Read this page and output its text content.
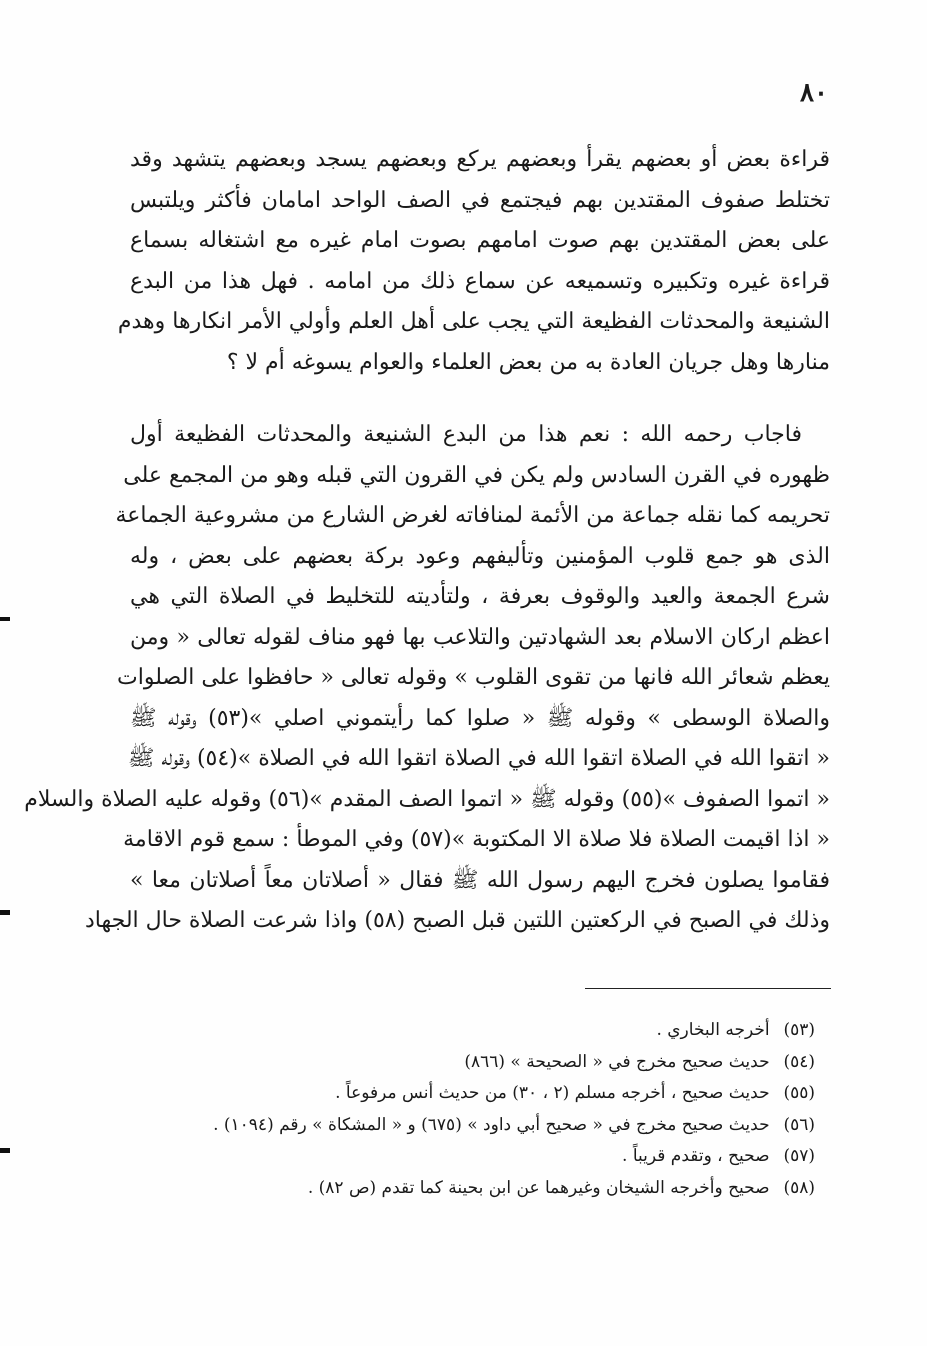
٨٠
قراءة بعض أو بعضهم يقرأ وبعضهم يركع وبعضهم يسجد وبعضهم يتشهد وقد
تختلط صفوف المقتدين بهم فيجتمع في الصف الواحد امامان فأكثر ويلتبس
على بعض المقتدين بهم صوت امامهم بصوت امام غيره مع اشتغاله بسماع
قراءة غيره وتكبيره وتسميعه عن سماع ذلك من امامه . فهل هذا من البدع
الشنيعة والمحدثات الفظيعة التي يجب على أهل العلم وأولي الأمر انكارها وهدم
منارها وهل جريان العادة به من بعض العلماء والعوام يسوغه أم لا ؟
فاجاب رحمه الله : نعم هذا من البدع الشنيعة والمحدثات الفظيعة أول
ظهوره في القرن السادس ولم يكن في القرون التي قبله وهو من المجمع على
تحريمه كما نقله جماعة من الأئمة لمنافاته لغرض الشارع من مشروعية الجماعة
الذى هو جمع قلوب المؤمنين وتأليفهم وعود بركة بعضهم على بعض ، وله
شرع الجمعة والعيد والوقوف بعرفة ، ولتأديته للتخليط في الصلاة التي هي
اعظم اركان الاسلام بعد الشهادتين والتلاعب بها فهو مناف لقوله تعالى « ومن
يعظم شعائر الله فانها من تقوى القلوب » وقوله تعالى « حافظوا على الصلوات
والصلاة الوسطى » وقوله ﷺ « صلوا كما رأيتموني اصلي »(٥٣) وقوله ﷺ
« اتقوا الله في الصلاة اتقوا الله في الصلاة اتقوا الله في الصلاة »(٥٤) وقوله ﷺ
« اتموا الصفوف »(٥٥) وقوله ﷺ « اتموا الصف المقدم »(٥٦) وقوله عليه الصلاة والسلام
« اذا اقيمت الصلاة فلا صلاة الا المكتوبة »(٥٧) وفي الموطأ : سمع قوم الاقامة
فقاموا يصلون فخرج اليهم رسول الله ﷺ فقال « أصلاتان معاً أصلاتان معا »
وذلك في الصبح في الركعتين اللتين قبل الصبح (٥٨) واذا شرعت الصلاة حال الجهاد
(٥٣) أخرجه البخاري .
(٥٤) حديث صحيح مخرج في « الصحيحة » (٨٦٦)
(٥٥) حديث صحيح ، أخرجه مسلم (٢ ، ٣٠) من حديث أنس مرفوعاً .
(٥٦) حديث صحيح مخرج في « صحيح أبي داود » (٦٧٥) و « المشكاة » رقم (١٠٩٤) .
(٥٧) صحيح ، وتقدم قريباً .
(٥٨) صحيح وأخرجه الشيخان وغيرهما عن ابن بحينة كما تقدم (ص ٨٢) .
